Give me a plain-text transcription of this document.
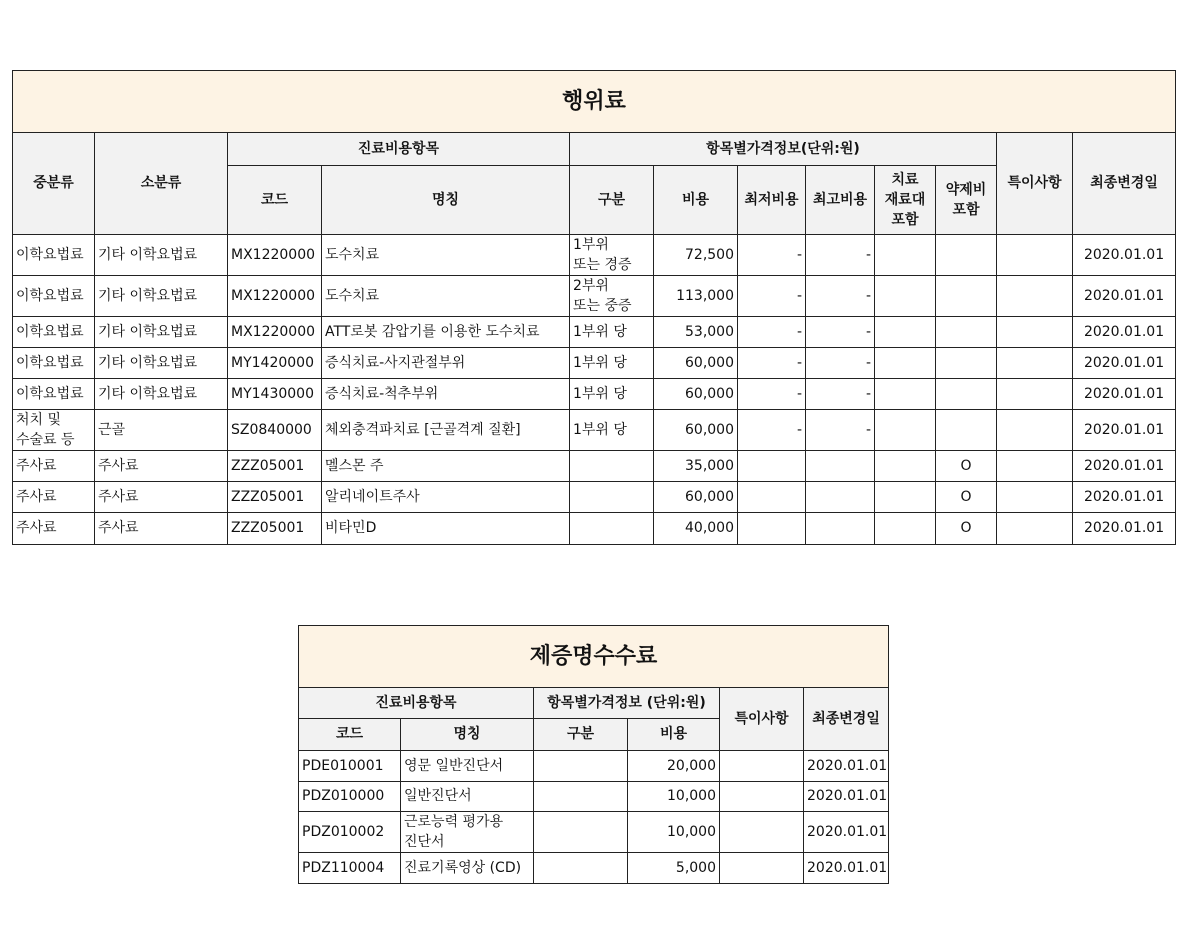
행위료											
중분류	소분류	진료비용항목		항목별가격정보(단위:원)						특이사항	최종변경일
		코드	명칭	구분	비용	최저비용	최고비용	치료
재료대
포함	약제비
포함		
이학요법료	기타 이학요법료	MX1220000	도수치료	1부위
또는 경증	72,500	-	-				2020.01.01
이학요법료	기타 이학요법료	MX1220000	도수치료	2부위
또는 중증	113,000	-	-				2020.01.01
이학요법료	기타 이학요법료	MX1220000	ATT로봇 감압기를 이용한 도수치료	1부위 당	53,000	-	-				2020.01.01
이학요법료	기타 이학요법료	MY1420000	증식치료-사지관절부위	1부위 당	60,000	-	-				2020.01.01
이학요법료	기타 이학요법료	MY1430000	증식치료-척추부위	1부위 당	60,000	-	-				2020.01.01
처치 및
수술료 등	근골	SZ0840000	체외충격파치료 [근골격계 질환]	1부위 당	60,000	-	-				2020.01.01
주사료	주사료	ZZZ05001	멜스몬 주		35,000				O		2020.01.01
주사료	주사료	ZZZ05001	알리네이트주사		60,000				O		2020.01.01
주사료	주사료	ZZZ05001	비타민D		40,000				O		2020.01.01
제증명수수료					
진료비용항목		항목별가격정보 (단위:원)		특이사항	최종변경일
코드	명칭	구분	비용		
PDE010001	영문 일반진단서		20,000		2020.01.01
PDZ010000	일반진단서		10,000		2020.01.01
PDZ010002	근로능력 평가용
진단서		10,000		2020.01.01
PDZ110004	진료기록영상 (CD)		5,000		2020.01.01
